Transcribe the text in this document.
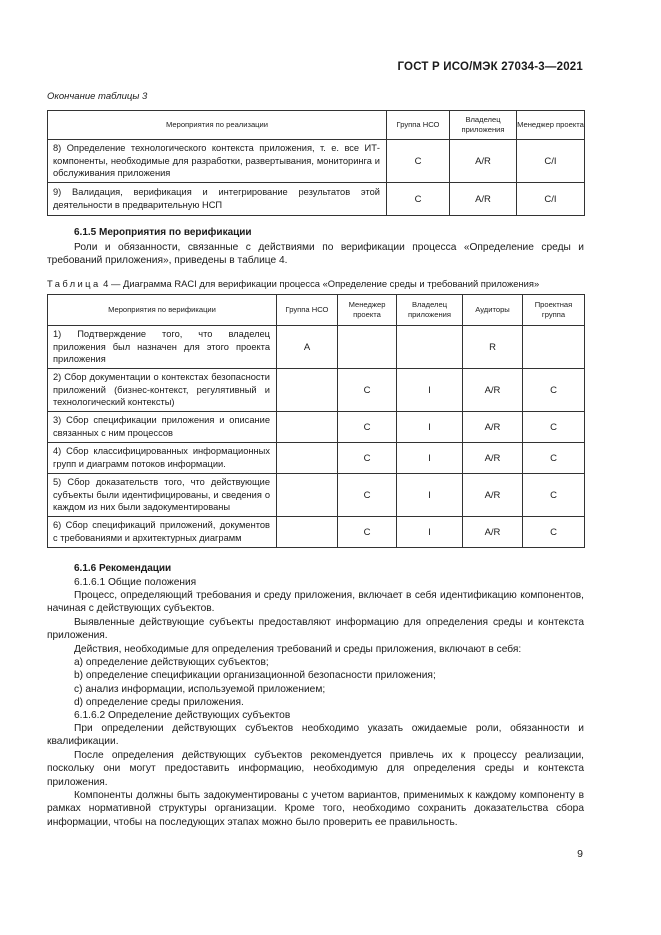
ГОСТ Р ИСО/МЭК 27034-3—2021
Окончание таблицы 3
Мероприятия по реализации	Группа НСО	Владелец приложения	Менеджер проекта
8) Определение технологического контекста приложения, т. е. все ИТ-компоненты, необходимые для разработки, развертывания, мониторинга и обслуживания приложения	C	A/R	C/I
9) Валидация, верификация и интегрирование результатов этой деятельности в предварительную НСП	C	A/R	C/I
6.1.5 Мероприятия по верификации
Роли и обязанности, связанные с действиями по верификации процесса «Определение среды и требований приложения», приведены в таблице 4.
Таблица 4 — Диаграмма RACI для верификации процесса «Определение среды и требований приложения»
Мероприятия по верификации	Группа НСО	Менеджер проекта	Владелец приложения	Аудиторы	Проектная группа
1) Подтверждение того, что владелец приложения был назначен для этого проекта приложения	A			R	
2) Сбор документации о контекстах безопасности приложений (бизнес-контекст, регулятивный и технологический контексты)		C	I	A/R	C
3) Сбор спецификации приложения и описание связанных с ним процессов		C	I	A/R	C
4) Сбор классифицированных информационных групп и диаграмм потоков информации.		C	I	A/R	C
5) Сбор доказательств того, что действующие субъекты были идентифицированы, и сведения о каждом из них были задокументированы		C	I	A/R	C
6) Сбор спецификаций приложений, документов с требованиями и архитектурных диаграмм		C	I	A/R	C
6.1.6 Рекомендации
6.1.6.1 Общие положения
Процесс, определяющий требования и среду приложения, включает в себя идентификацию компонентов, начиная с действующих субъектов.
Выявленные действующие субъекты предоставляют информацию для определения среды и контекста приложения.
Действия, необходимые для определения требований и среды приложения, включают в себя:
a) определение действующих субъектов;
b) определение спецификации организационной безопасности приложения;
c) анализ информации, используемой приложением;
d) определение среды приложения.
6.1.6.2 Определение действующих субъектов
При определении действующих субъектов необходимо указать ожидаемые роли, обязанности и квалификации.
После определения действующих субъектов рекомендуется привлечь их к процессу реализации, поскольку они могут предоставить информацию, необходимую для определения среды и контекста приложения.
Компоненты должны быть задокументированы с учетом вариантов, применимых к каждому компоненту в рамках нормативной структуры организации. Кроме того, необходимо сохранить доказательства сбора информации, чтобы на последующих этапах можно было проверить ее правильность.
9
